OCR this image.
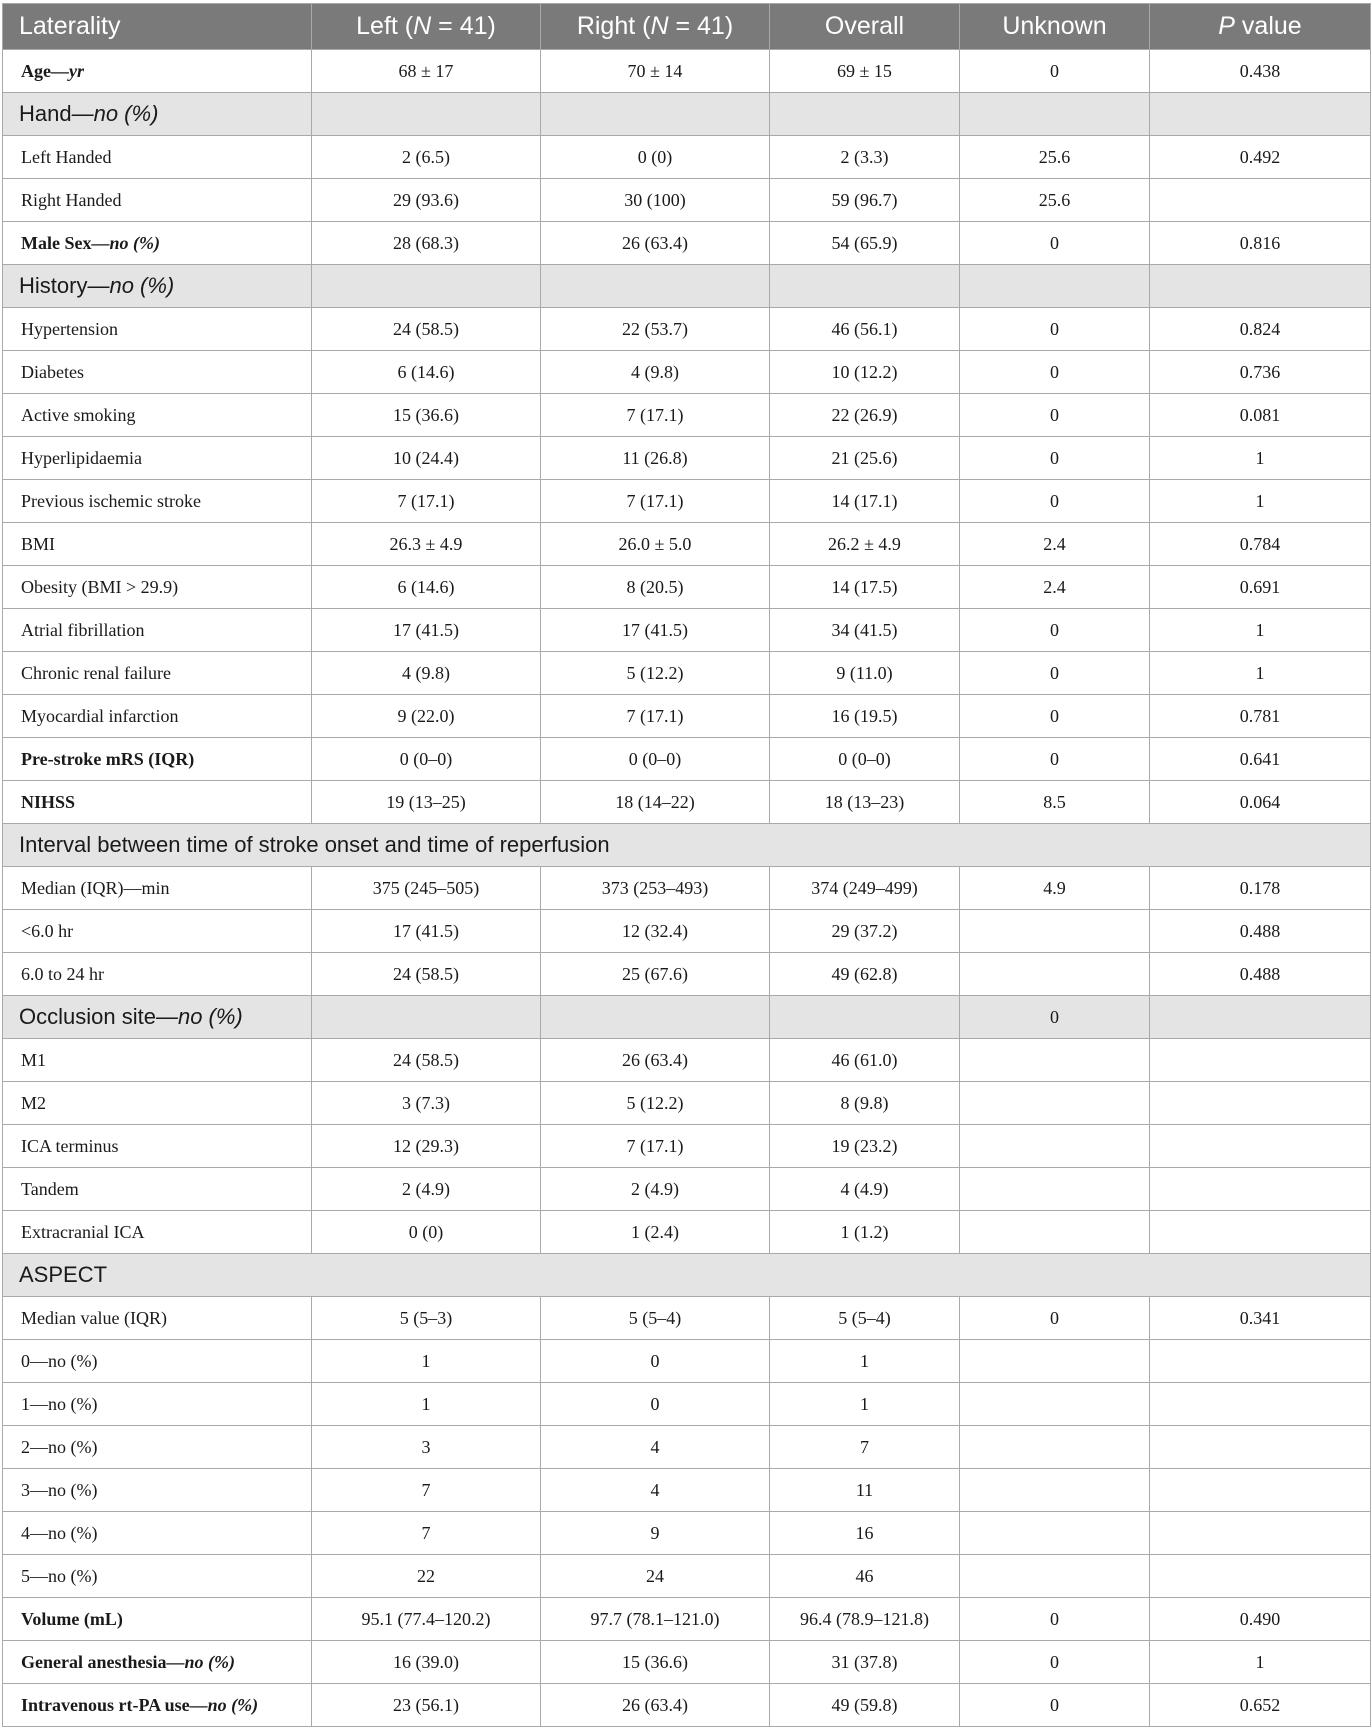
Laterality	Left (N = 41)	Right (N = 41)	Overall	Unknown	P value
Age—yr	68 ± 17	70 ± 14	69 ± 15	0	0.438
Hand—no (%)					
Left Handed	2 (6.5)	0 (0)	2 (3.3)	25.6	0.492
Right Handed	29 (93.6)	30 (100)	59 (96.7)	25.6	
Male Sex—no (%)	28 (68.3)	26 (63.4)	54 (65.9)	0	0.816
History—no (%)					
Hypertension	24 (58.5)	22 (53.7)	46 (56.1)	0	0.824
Diabetes	6 (14.6)	4 (9.8)	10 (12.2)	0	0.736
Active smoking	15 (36.6)	7 (17.1)	22 (26.9)	0	0.081
Hyperlipidaemia	10 (24.4)	11 (26.8)	21 (25.6)	0	1
Previous ischemic stroke	7 (17.1)	7 (17.1)	14 (17.1)	0	1
BMI	26.3 ± 4.9	26.0 ± 5.0	26.2 ± 4.9	2.4	0.784
Obesity (BMI > 29.9)	6 (14.6)	8 (20.5)	14 (17.5)	2.4	0.691
Atrial fibrillation	17 (41.5)	17 (41.5)	34 (41.5)	0	1
Chronic renal failure	4 (9.8)	5 (12.2)	9 (11.0)	0	1
Myocardial infarction	9 (22.0)	7 (17.1)	16 (19.5)	0	0.781
Pre-stroke mRS (IQR)	0 (0–0)	0 (0–0)	0 (0–0)	0	0.641
NIHSS	19 (13–25)	18 (14–22)	18 (13–23)	8.5	0.064
Interval between time of stroke onset and time of reperfusion					
Median (IQR)—min	375 (245–505)	373 (253–493)	374 (249–499)	4.9	0.178
<6.0 hr	17 (41.5)	12 (32.4)	29 (37.2)		0.488
6.0 to 24 hr	24 (58.5)	25 (67.6)	49 (62.8)		0.488
Occlusion site—no (%)				0	
M1	24 (58.5)	26 (63.4)	46 (61.0)		
M2	3 (7.3)	5 (12.2)	8 (9.8)		
ICA terminus	12 (29.3)	7 (17.1)	19 (23.2)		
Tandem	2 (4.9)	2 (4.9)	4 (4.9)		
Extracranial ICA	0 (0)	1 (2.4)	1 (1.2)		
ASPECT					
Median value (IQR)	5 (5–3)	5 (5–4)	5 (5–4)	0	0.341
0—no (%)	1	0	1		
1—no (%)	1	0	1		
2—no (%)	3	4	7		
3—no (%)	7	4	11		
4—no (%)	7	9	16		
5—no (%)	22	24	46		
Volume (mL)	95.1 (77.4–120.2)	97.7 (78.1–121.0)	96.4 (78.9–121.8)	0	0.490
General anesthesia—no (%)	16 (39.0)	15 (36.6)	31 (37.8)	0	1
Intravenous rt-PA use—no (%)	23 (56.1)	26 (63.4)	49 (59.8)	0	0.652
